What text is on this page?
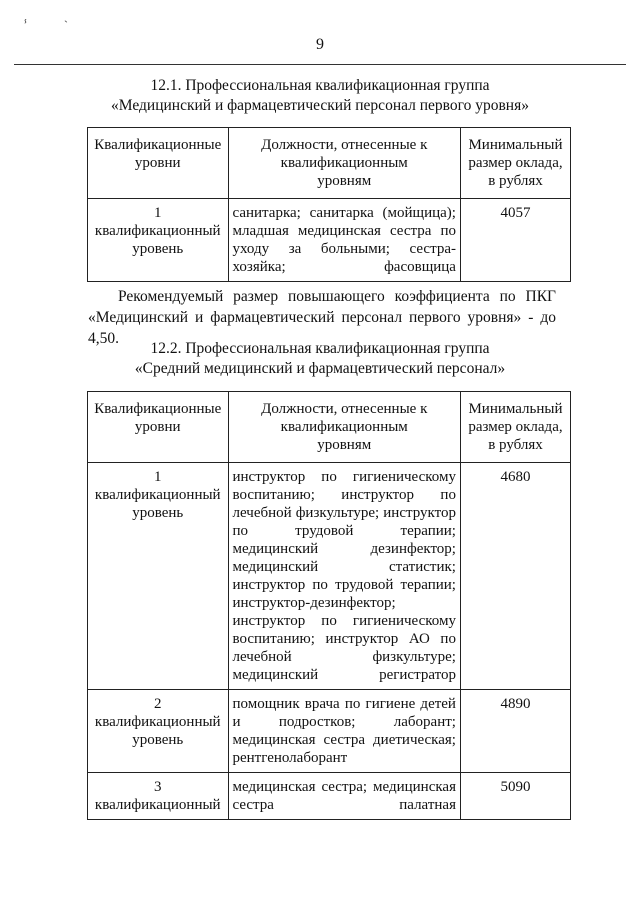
ⸯ	ˋ
9
12.1. Профессиональная квалификационная группа
«Медицинский и фармацевтический персонал первого уровня»
Квалификационные уровни	Должности, отнесенные к квалификационным уровням	Минимальный размер оклада, в рублях
1 квалификационный уровень	санитарка; санитарка (мойщица); младшая медицинская сестра по уходу за больными; сестра-хозяйка; фасовщица	4057
Рекомендуемый размер повышающего коэффициента по ПКГ
«Медицинский и фармацевтический персонал первого уровня» - до 4,50.
12.2. Профессиональная квалификационная группа
«Средний медицинский и фармацевтический персонал»
Квалификационные уровни	Должности, отнесенные к квалификационным уровням	Минимальный размер оклада, в рублях
1 квалификационный уровень	инструктор по гигиеническому воспитанию; инструктор по лечебной физкультуре; инструктор по трудовой терапии; медицинский дезинфектор; медицинский статистик; инструктор по трудовой терапии; инструктор-дезинфектор; инструктор по гигиеническому воспитанию; инструктор АО по лечебной физкультуре; медицинский регистратор	4680
2 квалификационный уровень	помощник врача по гигиене детей и подростков; лаборант; медицинская сестра диетическая; рентгенолаборант	4890
3 квалификационный	медицинская сестра; медицинская сестра палатная	5090
